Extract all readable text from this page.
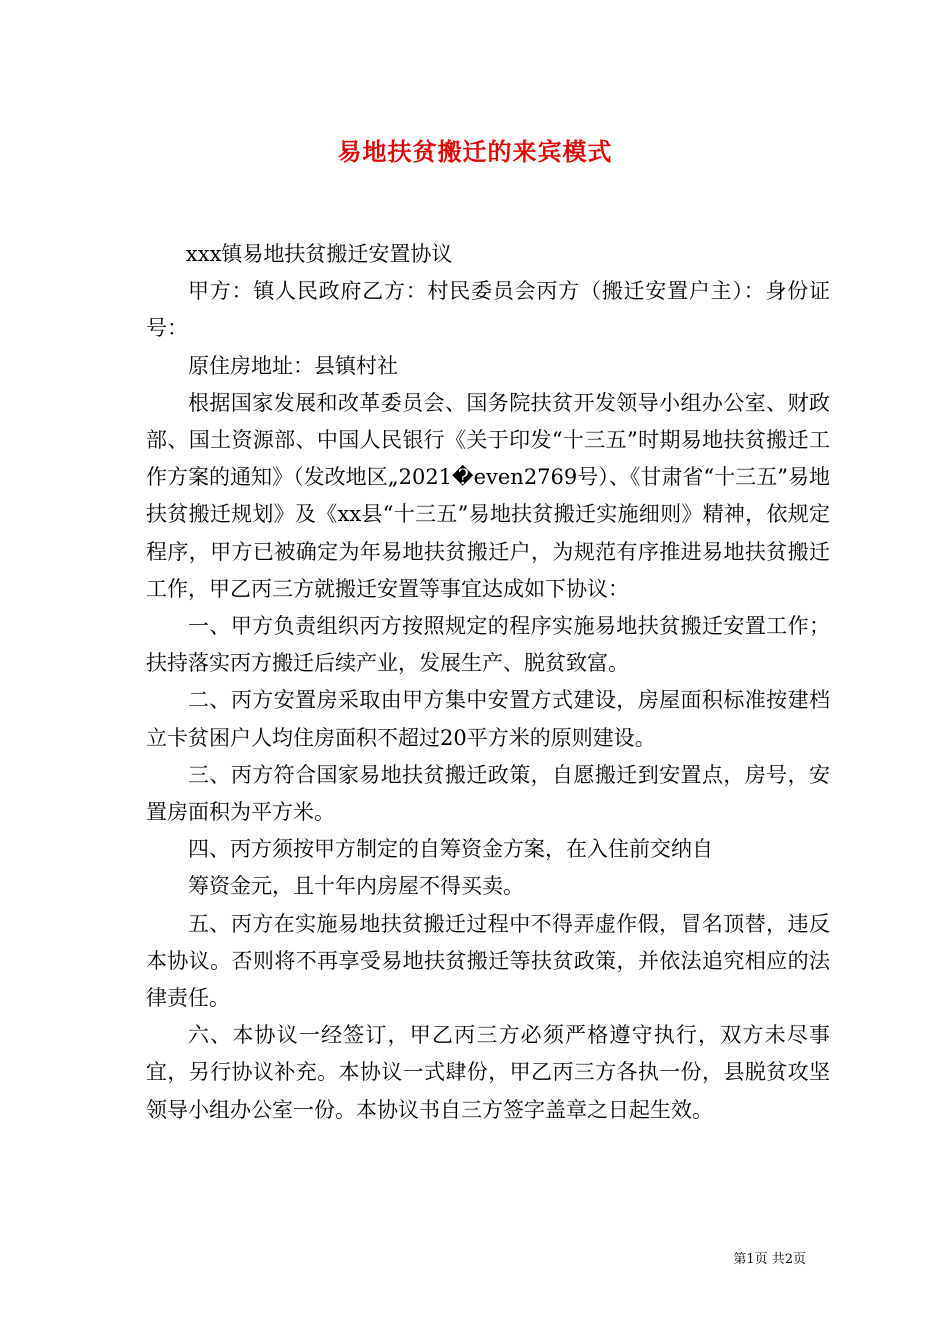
易地扶贫搬迁的来宾模式

xxx镇易地扶贫搬迁安置协议

甲方：镇人民政府乙方：村民委员会丙方（搬迁安置户主）：身份证号：

原住房地址：县镇村社

根据国家发展和改革委员会、国务院扶贫开发领导小组办公室、财政部、国土资源部、中国人民银行《关于印发“十三五”时期易地扶贫搬迁工作方案的通知》（发改地区„2021�even2769号）、《甘肃省“十三五”易地扶贫搬迁规划》及《xx县“十三五”易地扶贫搬迁实施细则》精神，依规定程序，甲方已被确定为年易地扶贫搬迁户，为规范有序推进易地扶贫搬迁工作，甲乙丙三方就搬迁安置等事宜达成如下协议：

一、甲方负责组织丙方按照规定的程序实施易地扶贫搬迁安置工作；扶持落实丙方搬迁后续产业，发展生产、脱贫致富。

二、丙方安置房采取由甲方集中安置方式建设，房屋面积标准按建档立卡贫困户人均住房面积不超过20平方米的原则建设。

三、丙方符合国家易地扶贫搬迁政策，自愿搬迁到安置点，房号，安置房面积为平方米。

四、丙方须按甲方制定的自筹资金方案，在入住前交纳自

筹资金元，且十年内房屋不得买卖。

五、丙方在实施易地扶贫搬迁过程中不得弄虚作假，冒名顶替，违反本协议。否则将不再享受易地扶贫搬迁等扶贫政策，并依法追究相应的法律责任。

六、本协议一经签订，甲乙丙三方必须严格遵守执行，双方未尽事宜，另行协议补充。本协议一式肆份，甲乙丙三方各执一份，县脱贫攻坚领导小组办公室一份。本协议书自三方签字盖章之日起生效。

第1页 共2页
